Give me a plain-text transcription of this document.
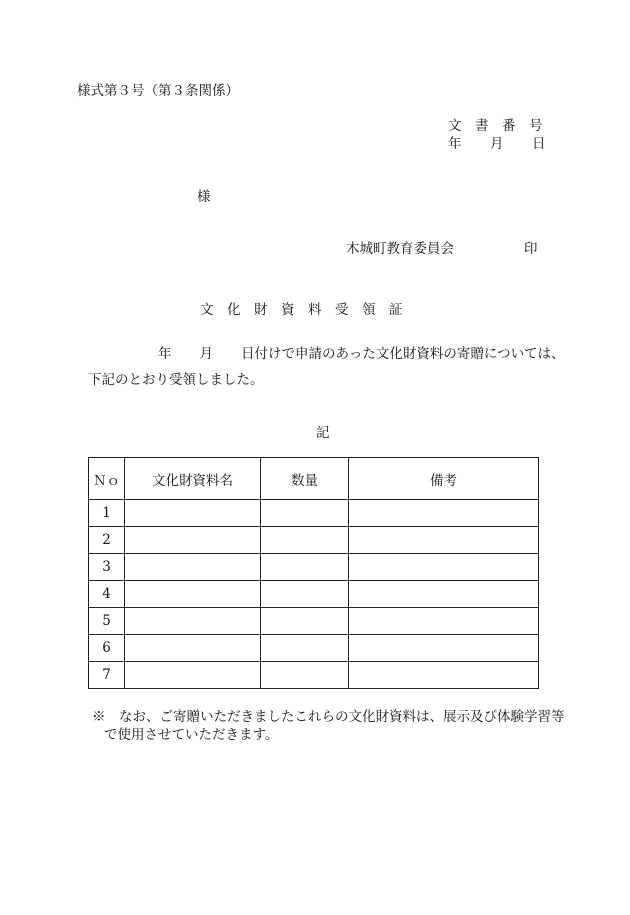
様式第３号（第３条関係）
文 書 番 号
年 月 日
様
木城町教育委員会	印
文　化　財　資　料　受　領　証
年 月 日付けで申請のあった文化財資料の寄贈については、
下記のとおり受領しました。
記
Ｎｏ	文化財資料名	数量	備考
1			
2			
3			
4			
5			
6			
7			
※　なお、ご寄贈いただきましたこれらの文化財資料は、展示及び体験学習等
で使用させていただきます。
